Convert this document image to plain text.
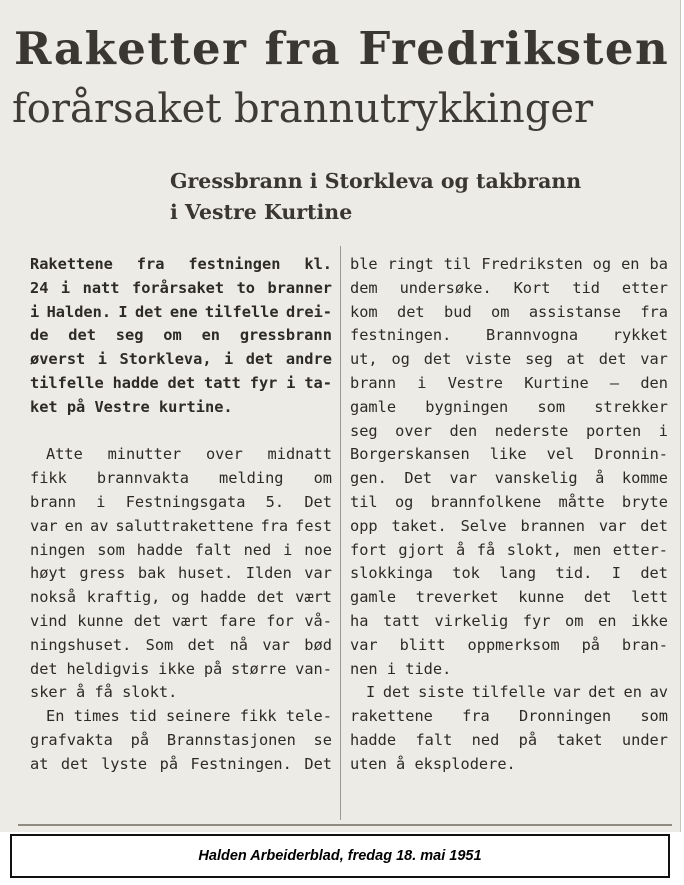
Raketter fra Fredriksten
forårsaket brannutrykkinger
Gressbrann i Storkleva og takbrann
i Vestre Kurtine
Rakettene fra festningen kl.
24 i natt forårsaket to branner
i Halden. I det ene tilfelle drei-
de det seg om en gressbrann
øverst i Storkleva, i det andre
tilfelle hadde det tatt fyr i ta-
ket på Vestre kurtine.
Atte minutter over midnatt
fikk brannvakta melding om
brann i Festningsgata 5. Det
var en av saluttrakettene fra fest
ningen som hadde falt ned i noe
høyt gress bak huset. Ilden var
nokså kraftig, og hadde det vært
vind kunne det vært fare for vå-
ningshuset. Som det nå var bød
det heldigvis ikke på større van-
sker å få slokt.
En times tid seinere fikk tele-
grafvakta på Brannstasjonen se
at det lyste på Festningen. Det
ble ringt til Fredriksten og en ba
dem undersøke. Kort tid etter
kom det bud om assistanse fra
festningen. Brannvogna rykket
ut, og det viste seg at det var
brann i Vestre Kurtine — den
gamle bygningen som strekker
seg over den nederste porten i
Borgerskansen like vel Dronnin-
gen. Det var vanskelig å komme
til og brannfolkene måtte bryte
opp taket. Selve brannen var det
fort gjort å få slokt, men etter-
slokkinga tok lang tid. I det
gamle treverket kunne det lett
ha tatt virkelig fyr om en ikke
var blitt oppmerksom på bran-
nen i tide.
I det siste tilfelle var det en av
rakettene fra Dronningen som
hadde falt ned på taket under
uten å eksplodere.
Halden Arbeiderblad, fredag 18. mai 1951
